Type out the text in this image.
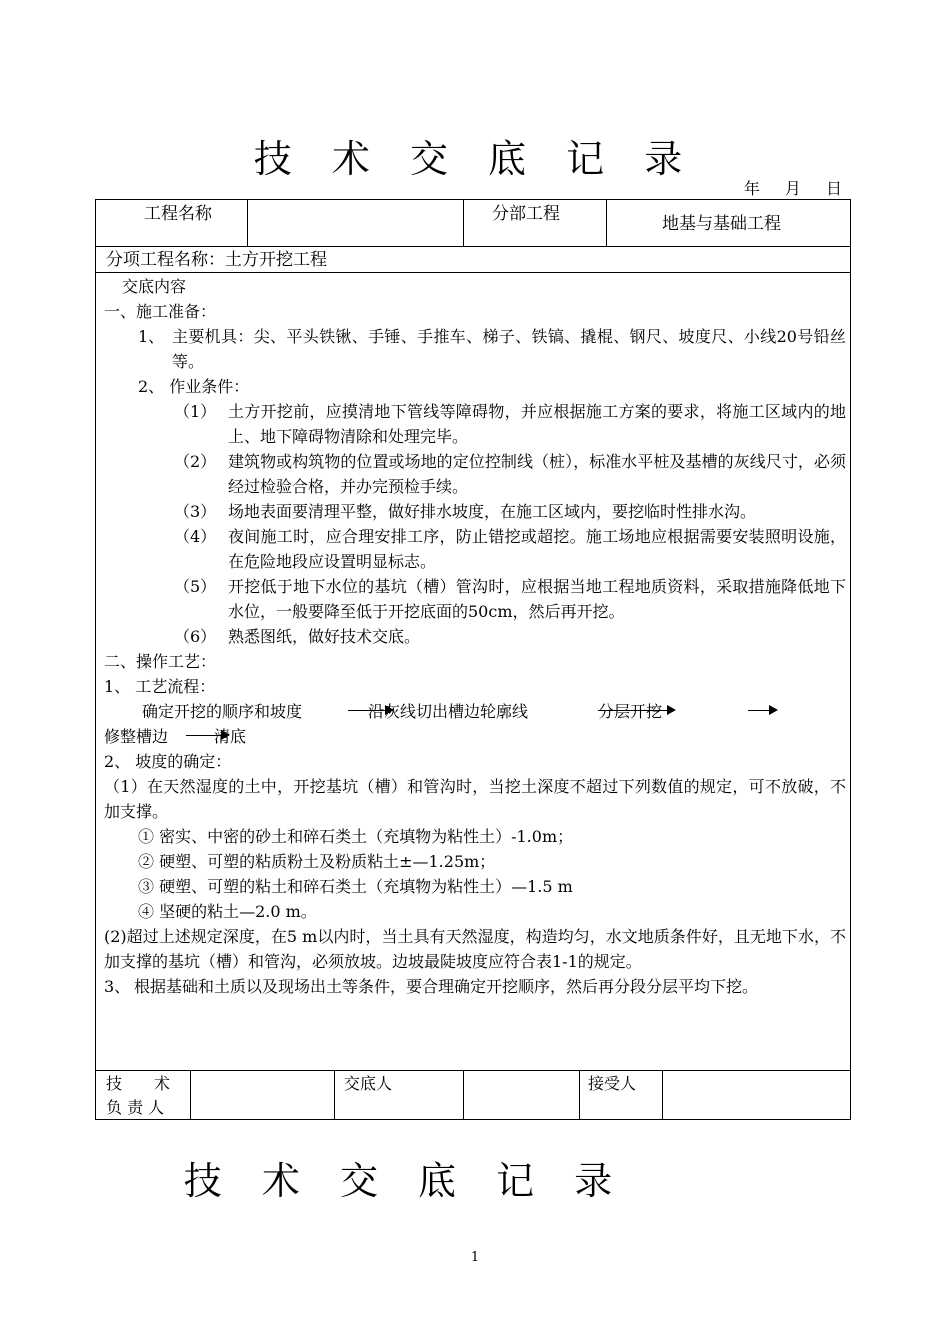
技 术 交 底 记 录
年 月 日
工程名称	分部工程	地基与基础工程
分项工程名称：土方开挖工程
交底内容
一、施工准备：
1、 主要机具：尖、平头铁锹、手锤、手推车、梯子、铁镐、撬棍、钢尺、坡度尺、小线20号铅丝等。
2、 作业条件：
（1） 土方开挖前，应摸清地下管线等障碍物，并应根据施工方案的要求，将施工区域内的地上、地下障碍物清除和处理完毕。
（2） 建筑物或构筑物的位置或场地的定位控制线（桩），标准水平桩及基槽的灰线尺寸，必须经过检验合格，并办完预检手续。
（3） 场地表面要清理平整，做好排水坡度，在施工区域内，要挖临时性排水沟。
（4） 夜间施工时，应合理安排工序，防止错挖或超挖。施工场地应根据需要安装照明设施，在危险地段应设置明显标志。
（5） 开挖低于地下水位的基坑（槽）管沟时，应根据当地工程地质资料，采取措施降低地下水位，一般要降至低于开挖底面的50cm，然后再开挖。
（6） 熟悉图纸，做好技术交底。
二、操作工艺：
1、 工艺流程：
确定开挖的顺序和坡度	沿灰线切出槽边轮廓线	分层开挖
修整槽边	清底
2、 坡度的确定：
（1）在天然湿度的土中，开挖基坑（槽）和管沟时，当挖土深度不超过下列数值的规定，可不放破，不加支撑。
① 密实、中密的砂土和碎石类土（充填物为粘性土）-1.0m；
② 硬塑、可塑的粘质粉土及粉质粘土±—1.25m；
③ 硬塑、可塑的粘土和碎石类土（充填物为粘性土）—1.5 m
④ 坚硬的粘土—2.0 m。
(2)超过上述规定深度，在5 m以内时，当土具有天然湿度，构造均匀，水文地质条件好，且无地下水，不加支撑的基坑（槽）和管沟，必须放坡。边坡最陡坡度应符合表1-1的规定。
3、 根据基础和土质以及现场出土等条件，要合理确定开挖顺序，然后再分段分层平均下挖。
技　　术
负 责 人
交底人	接受人
技 术 交 底 记 录
1
